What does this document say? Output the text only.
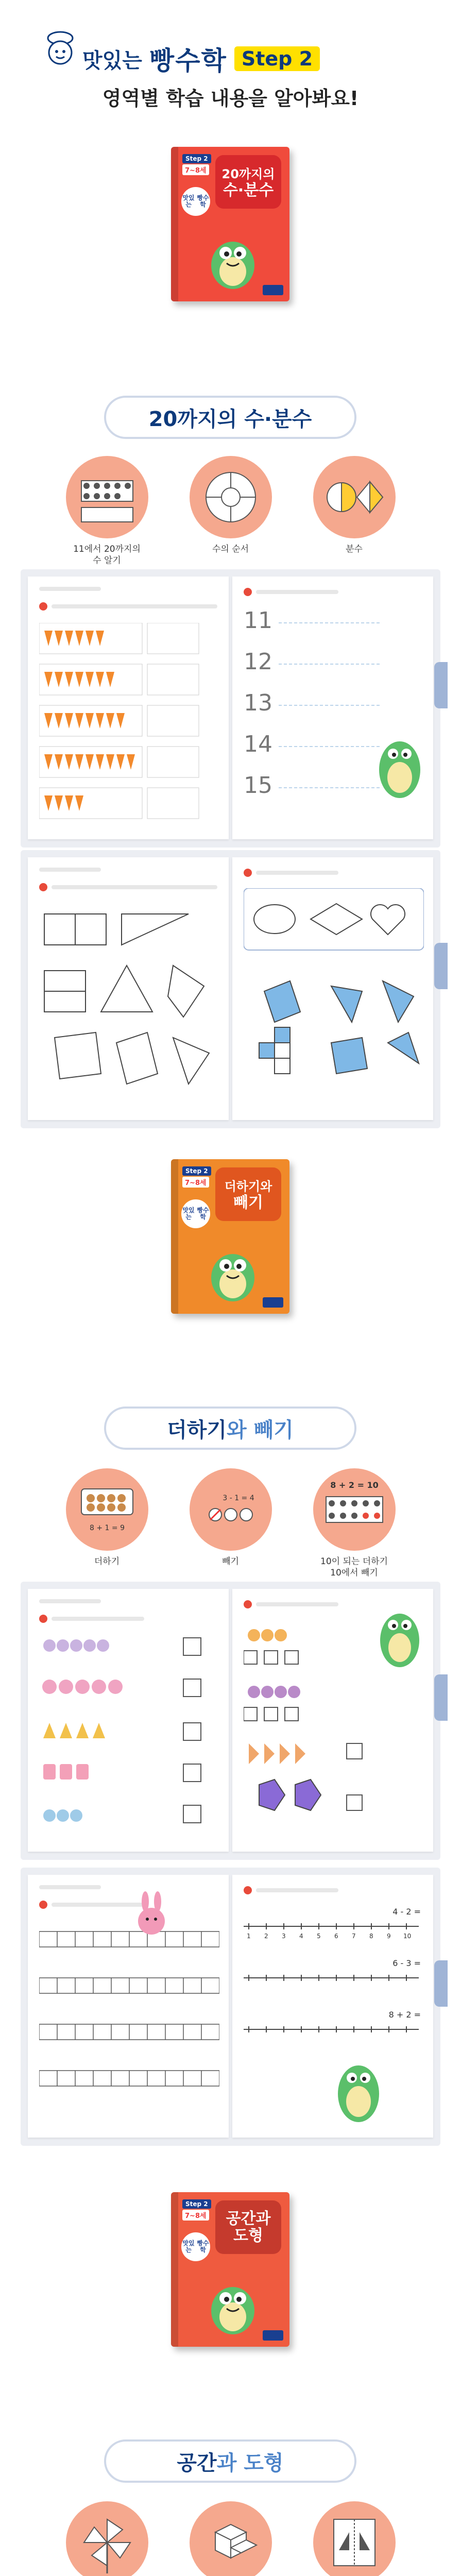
맛있는 빵수학 Step 2
영역별 학습 내용을 알아봐요!
Step 2
7~8세
맛있는

빵수학
20까지의
수·분수
20까지의 수·분수
11에서 20까지의
수 알기
수의 순서	분수
11
12
13
14
15
Step 2
7~8세
맛있는

빵수학
더하기와
빼기
더하기 와 빼기
8 + 1 = 9
더하기
3 - 1 = 4
빼기
8 + 2 = 10
10이 되는 더하기
10에서 빼기
4 - 2 =
6 - 3 =
8 + 2 =
1 2 3 4 5 6 7 8 9 10
Step 2
7~8세
맛있는

빵수학
공간과
도형
공간 과 도형
